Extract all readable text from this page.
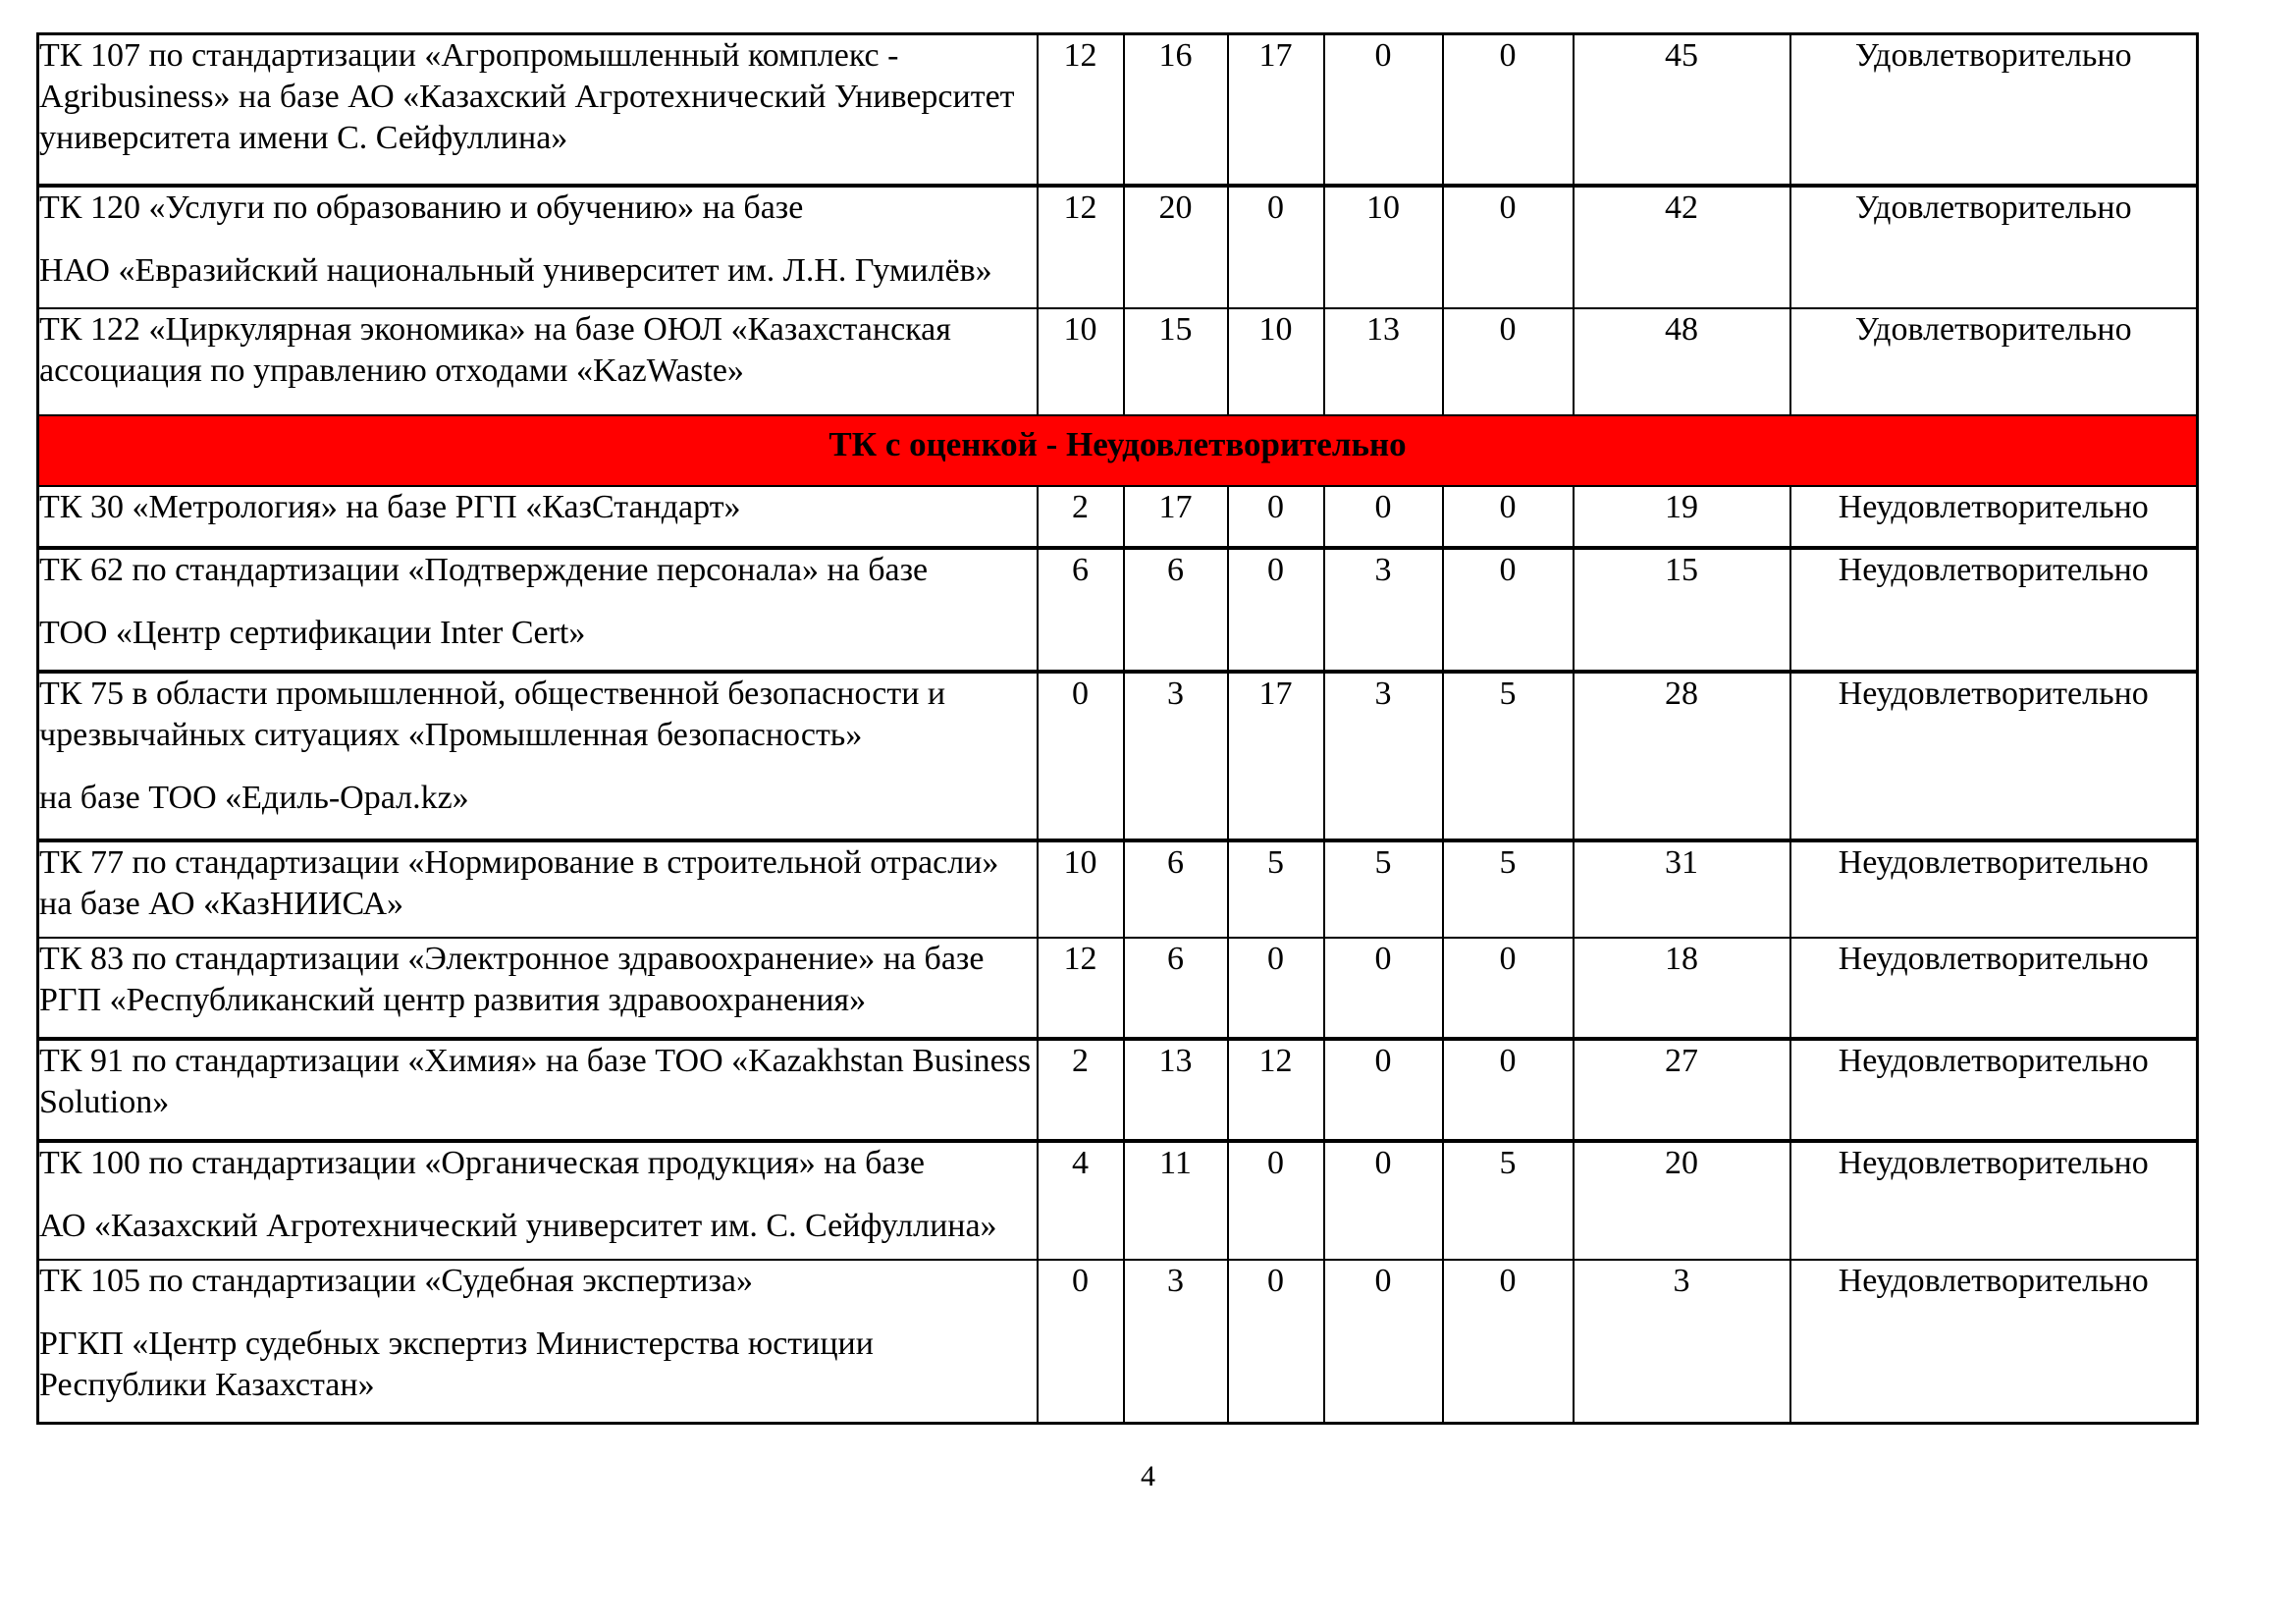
ТК 107 по стандартизации «Агропромышленный комплекс - Agribusiness» на базе АО «Казахский Агротехнический Университет университета имени С. Сейфуллина»	12	16	17	0	0	45	Удовлетворительно

ТК 120 «Услуги по образованию и обучению» на базе

НАО «Евразийский национальный университет им. Л.Н. Гумилёв»	12	20	0	10	0	42	Удовлетворительно

ТК 122 «Циркулярная экономика» на базе ОЮЛ «Казахстанская ассоциация по управлению отходами «KazWaste»	10	15	10	13	0	48	Удовлетворительно
ТК с оценкой - Неудовлетворительно							

ТК 30 «Метрология» на базе РГП «КазСтандарт»	2	17	0	0	0	19	Неудовлетворительно

ТК 62 по стандартизации «Подтверждение персонала» на базе

ТОО «Центр сертификации Inter Cert»	6	6	0	3	0	15	Неудовлетворительно

ТК 75 в области промышленной, общественной безопасности и чрезвычайных ситуациях «Промышленная безопасность»

на базе ТОО «Едиль-Орал.kz»	0	3	17	3	5	28	Неудовлетворительно

ТК 77 по стандартизации «Нормирование в строительной отрасли» на базе АО «КазНИИСА»	10	6	5	5	5	31	Неудовлетворительно

ТК 83 по стандартизации «Электронное здравоохранение» на базе РГП «Республиканский центр развития здравоохранения»	12	6	0	0	0	18	Неудовлетворительно

ТК 91 по стандартизации «Химия» на базе ТОО «Kazakhstan Business Solution»	2	13	12	0	0	27	Неудовлетворительно

ТК 100 по стандартизации «Органическая продукция» на базе

АО «Казахский Агротехнический университет им. С. Сейфуллина»	4	11	0	0	5	20	Неудовлетворительно

ТК 105 по стандартизации «Судебная экспертиза»

РГКП «Центр судебных экспертиз Министерства юстиции Республики Казахстан»	0	3	0	0	0	3	Неудовлетворительно
4
